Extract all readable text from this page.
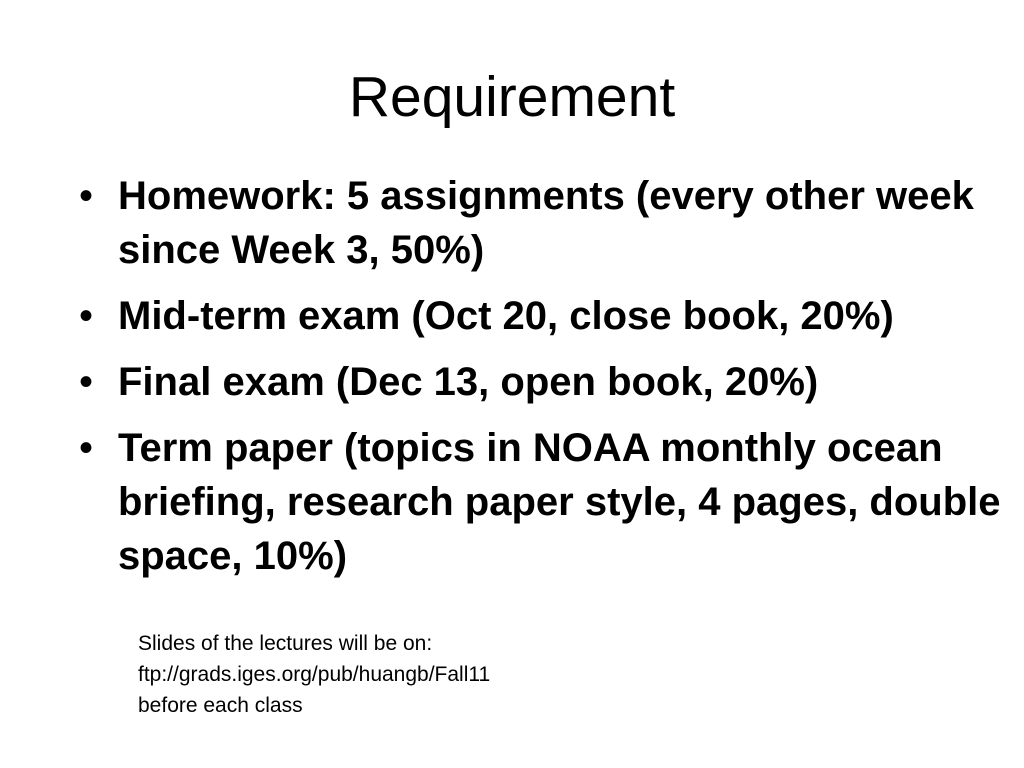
Requirement
• Homework: 5 assignments (every other week since Week 3, 50%)
• Mid-term exam (Oct 20, close book, 20%)
• Final exam (Dec 13, open book, 20%)
• Term paper (topics in NOAA monthly ocean briefing, research paper style, 4 pages, double space, 10%)
Slides of the lectures will be on:
ftp://grads.iges.org/pub/huangb/Fall11
before each class
